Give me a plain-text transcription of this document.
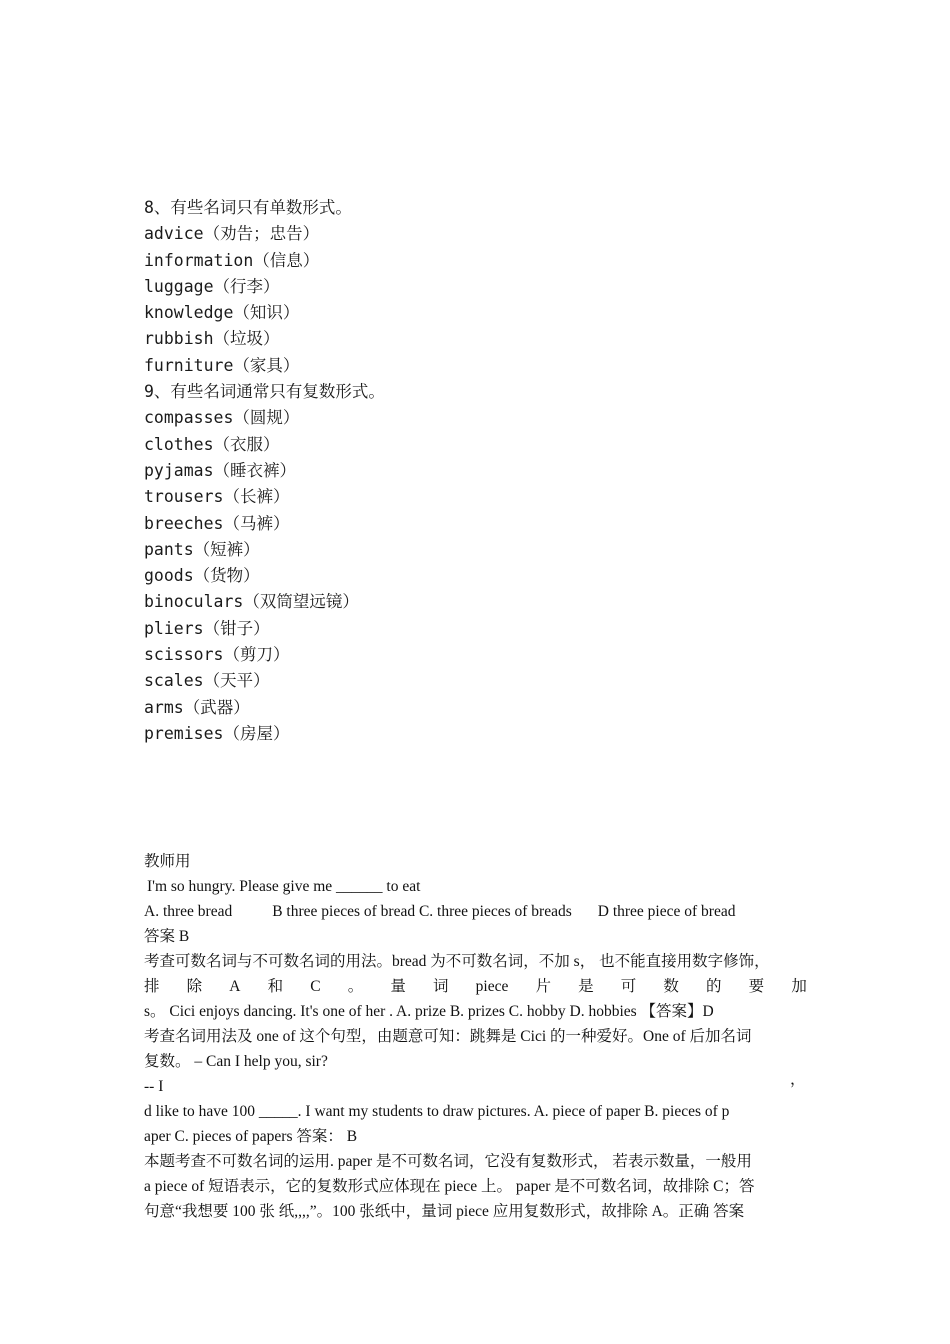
8、有些名词只有单数形式。
advice（劝告；忠告）
information（信息）
luggage（行李）
knowledge（知识）
rubbish（垃圾）
furniture（家具）
9、有些名词通常只有复数形式。
compasses（圆规）
clothes（衣服）
pyjamas（睡衣裤）
trousers（长裤）
breeches（马裤）
pants（短裤）
goods（货物）
binoculars（双筒望远镜）
pliers（钳子）
scissors（剪刀）
scales（天平）
arms（武器）
premises（房屋）
教师用
I'm so hungry. Please give me ______ to eat
A. three bread	B three pieces of bread C. three pieces of breads D three piece of bread
答案 B
考查可数名词与不可数名词的用法。bread 为不可数名词，不加 s， 也不能直接用数字修饰，
排 除 A 和 C 。 量 词 piece 片 是 可 数 的 要 加
s。 Cici enjoys dancing. It's one of her . A. prize B. prizes C. hobby D. hobbies 【答案】D
考查名词用法及 one of 这个句型，由题意可知：跳舞是 Cici 的一种爱好。One of 后加名词
复数。 – Can I help you, sir?
-- I
d like to have 100 _____. I want my students to draw pictures. A. piece of paper B. pieces of p
aper C. pieces of papers 答案： B
本题考查不可数名词的运用. paper 是不可数名词，它没有复数形式， 若表示数量，一般用
a piece of 短语表示，它的复数形式应体现在 piece 上。 paper 是不可数名词，故排除 C；答
句意“我想要 100 张 纸,,,,”。100 张纸中，量词 piece 应用复数形式，故排除 A。正确 答案
，
